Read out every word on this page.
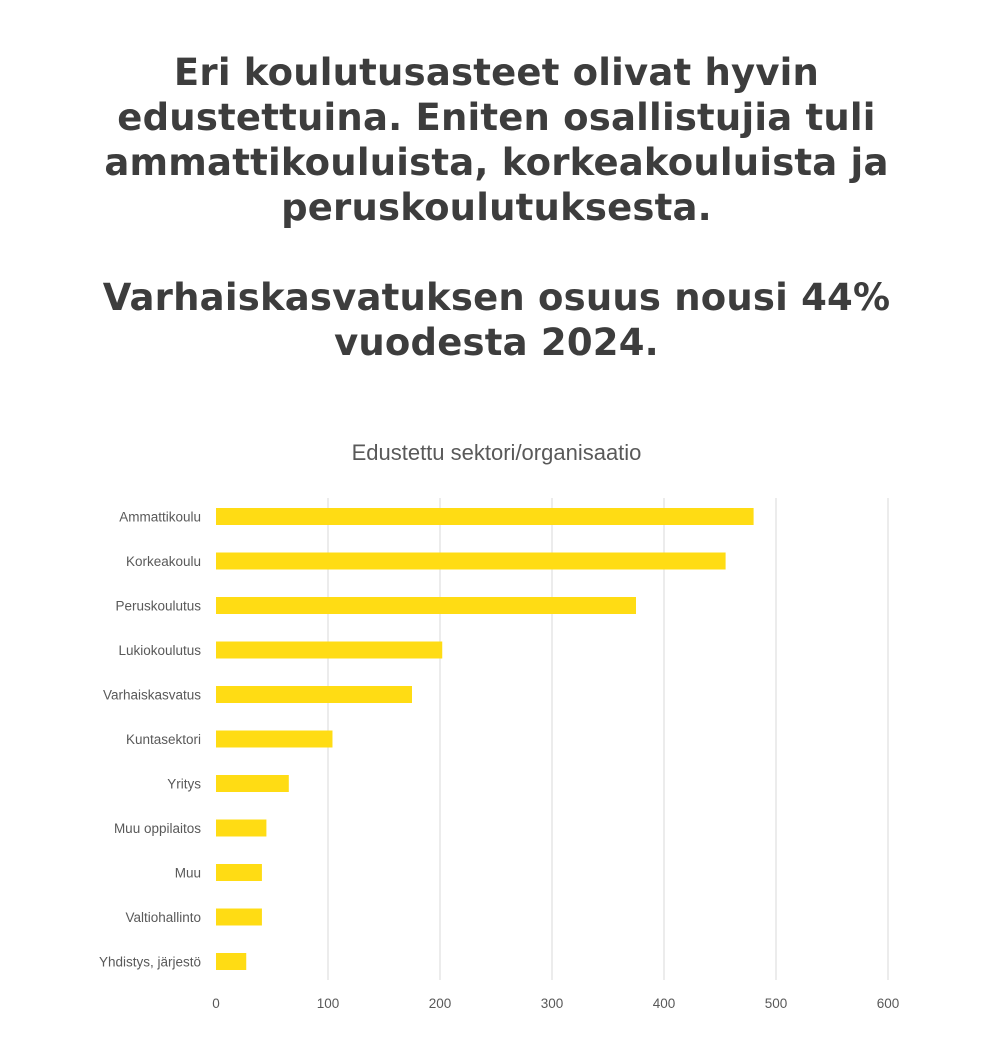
Eri koulutusasteet olivat hyvin edustettuina. Eniten osallistujia tuli ammattikouluista, korkeakouluista ja peruskoulutuksesta.

Varhaiskasvatuksen osuus nousi 44% vuodesta 2024.

Edustettu sektori/organisaatio

Ammattikoulu
Korkeakoulu
Peruskoulutus
Lukiokoulutus
Varhaiskasvatus
Kuntasektori
Yritys
Muu oppilaitos
Muu
Valtiohallinto
Yhdistys, järjestö
0	100	200	300	400	500	600
